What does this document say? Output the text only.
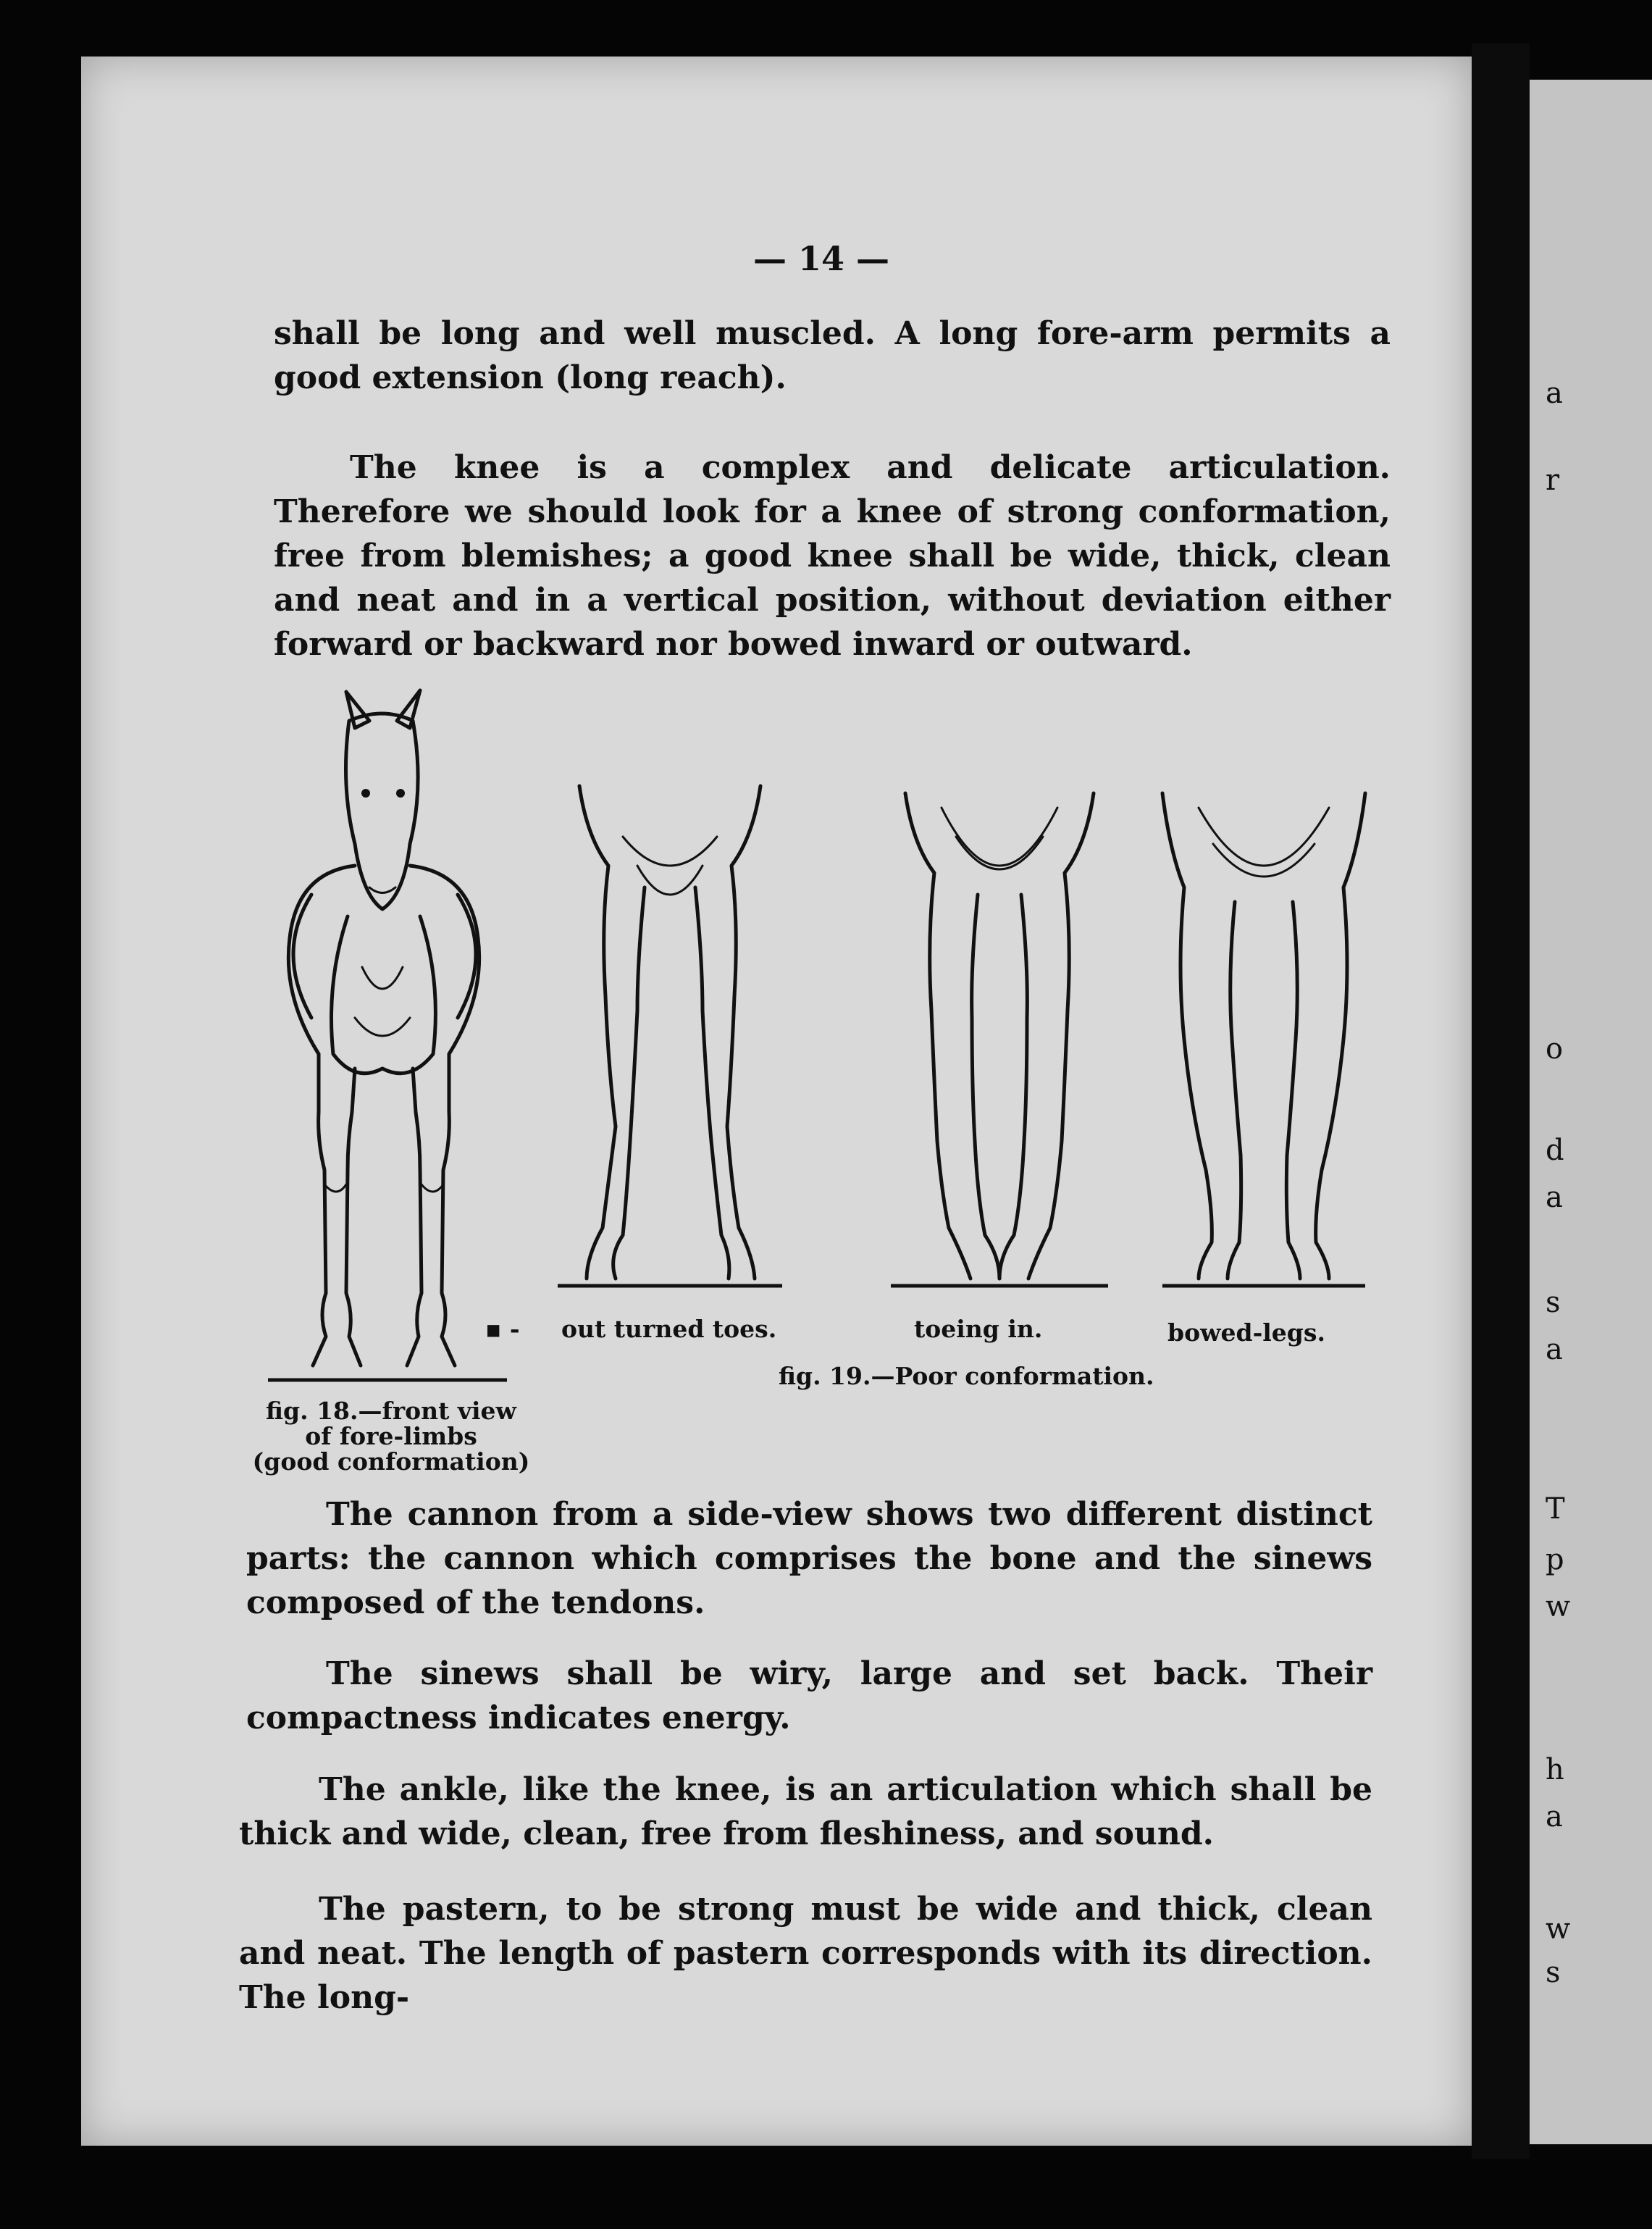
a
r
o
d
a
s
a
T
p
w
h
a
w
s
— 14 —

shall be long and well muscled. A long fore-arm permits a good extension (long reach).

The knee is a complex and delicate articulation. Therefore we should look for a knee of strong conformation, free from blemishes; a good knee shall be wide, thick, clean and neat and in a vertical position, without deviation either forward or backward nor bowed inward or outward.

fig. 18.—front view
of fore-limbs
(good conformation)
▪ - out turned toes.	toeing in.	bowed-legs.
fig. 19.—Poor conformation.

The cannon from a side-view shows two different distinct parts: the cannon which comprises the bone and the sinews composed of the tendons.

The sinews shall be wiry, large and set back. Their compactness indicates energy.

The ankle, like the knee, is an articulation which shall be thick and wide, clean, free from fleshiness, and sound.

The pastern, to be strong must be wide and thick, clean and neat. The length of pastern corresponds with its direction. The long-
